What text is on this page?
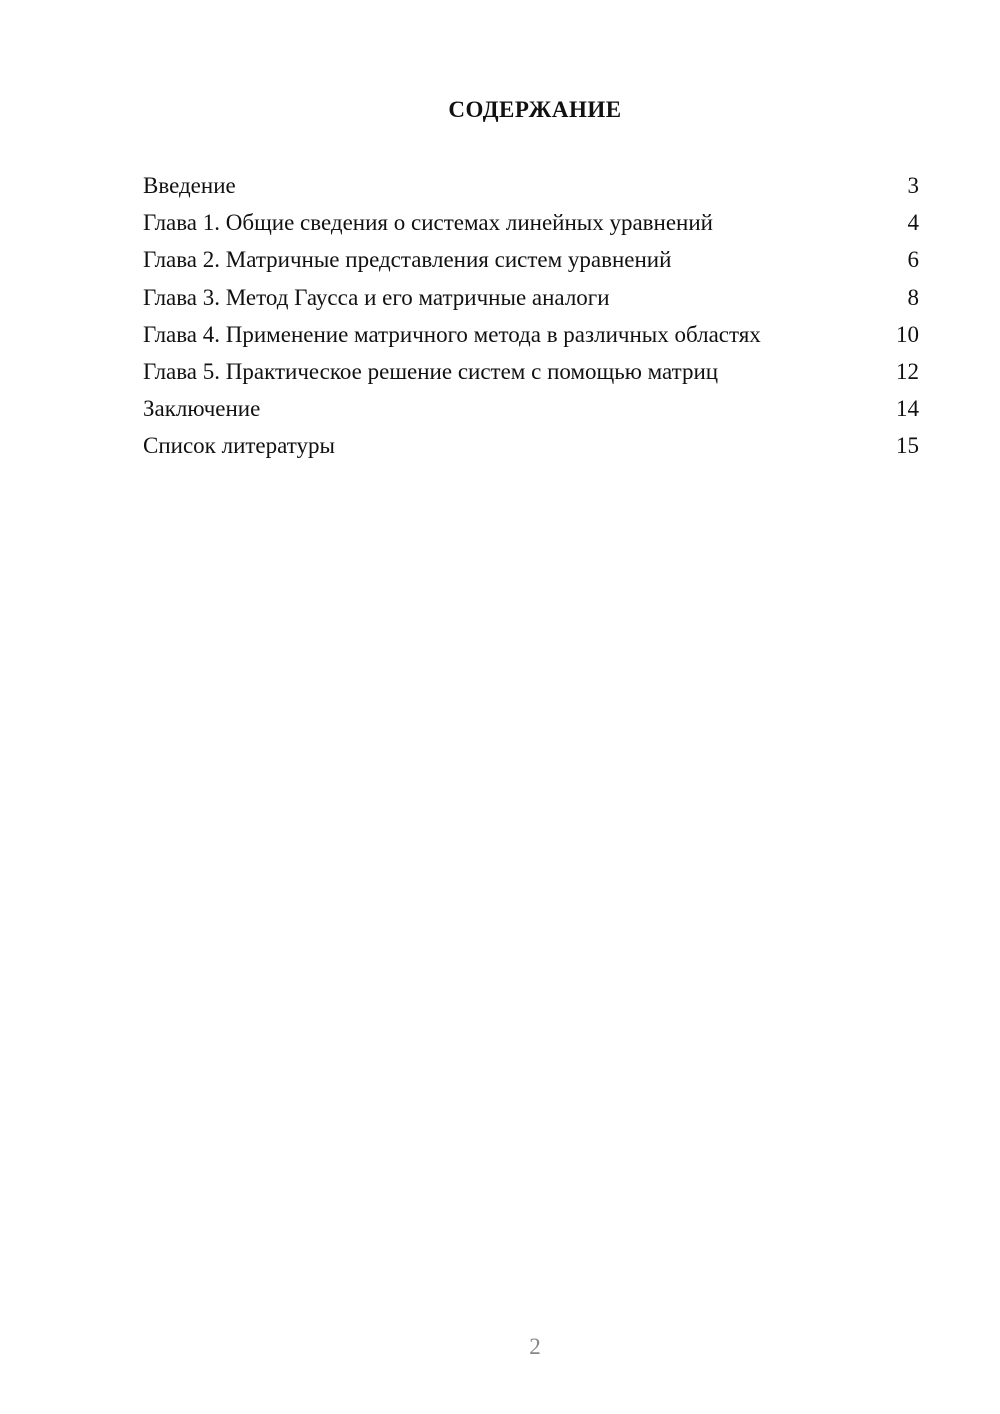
СОДЕРЖАНИЕ
Введение	3
Глава 1. Общие сведения о системах линейных уравнений	4
Глава 2. Матричные представления систем уравнений	6
Глава 3. Метод Гаусса и его матричные аналоги	8
Глава 4. Применение матричного метода в различных областях	10
Глава 5. Практическое решение систем с помощью матриц	12
Заключение	14
Список литературы	15
2
